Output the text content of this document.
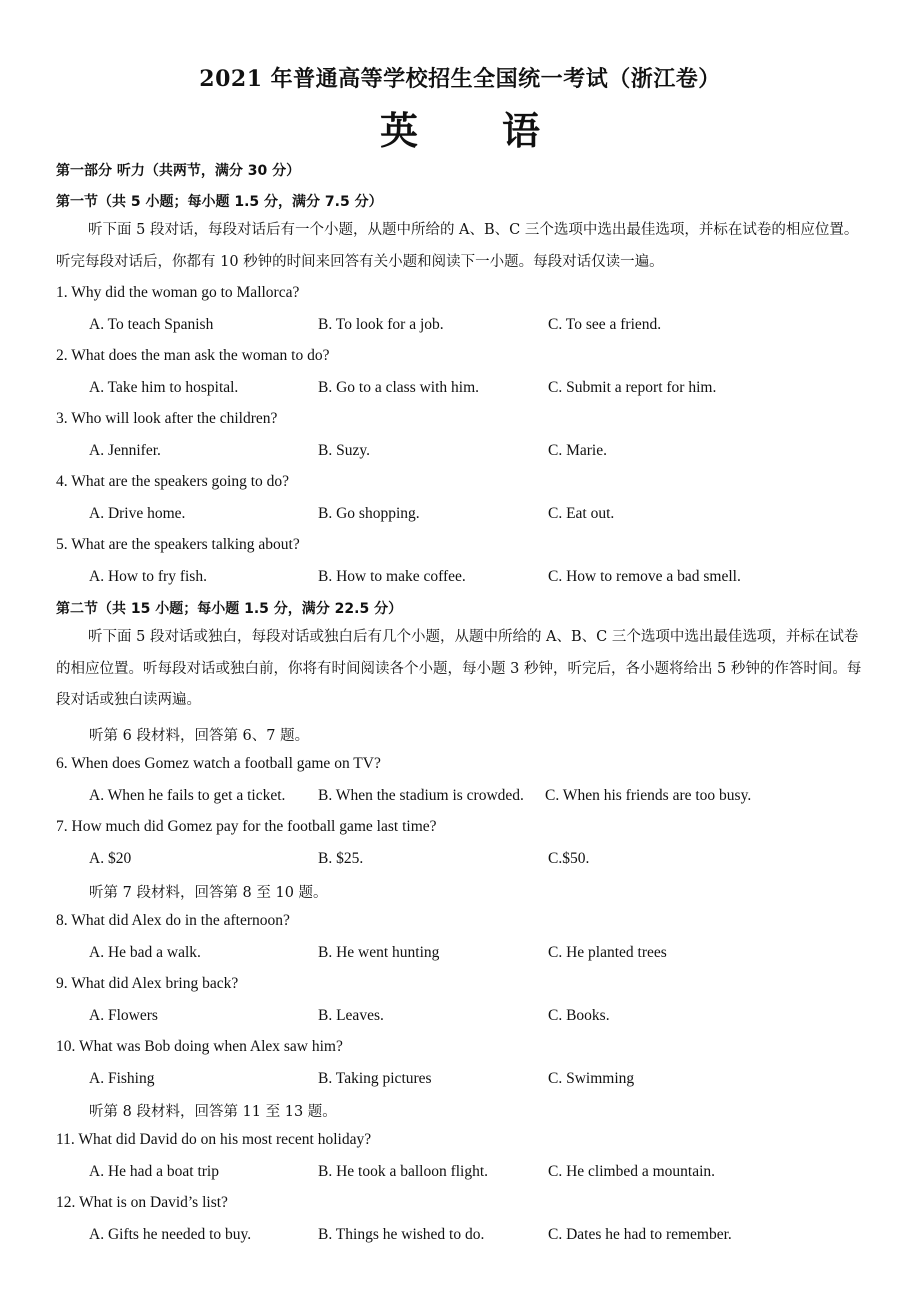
2021 年普通高等学校招生全国统一考试（浙江卷）
英 语
第一部分 听力（共两节，满分 30 分）
第一节（共 5 小题；每小题 1.5 分，满分 7.5 分）
听下面 5 段对话，每段对话后有一个小题，从题中所给的 A、B、C 三个选项中选出最佳选项，并标在试卷的相应位置。听完每段对话后，你都有 10 秒钟的时间来回答有关小题和阅读下一小题。每段对话仅读一遍。
1. Why did the woman go to Mallorca?
A. To teach Spanish	B. To look for a job.	C. To see a friend.
2. What does the man ask the woman to do?
A. Take him to hospital.	B. Go to a class with him.	C. Submit a report for him.
3. Who will look after the children?
A. Jennifer.	B. Suzy.	C. Marie.
4. What are the speakers going to do?
A. Drive home.	B. Go shopping.	C. Eat out.
5. What are the speakers talking about?
A. How to fry fish.	B. How to make coffee.	C. How to remove a bad smell.
第二节（共 15 小题；每小题 1.5 分，满分 22.5 分）
听下面 5 段对话或独白，每段对话或独白后有几个小题，从题中所给的 A、B、C 三个选项中选出最佳选项，并标在试卷的相应位置。听每段对话或独白前，你将有时间阅读各个小题，每小题 3 秒钟，听完后，各小题将给出 5 秒钟的作答时间。每段对话或独白读两遍。
听第 6 段材料，回答第 6、7 题。
6. When does Gomez watch a football game on TV?
A. When he fails to get a ticket. B. When the stadium is crowded. C. When his friends are too busy.
7. How much did Gomez pay for the football game last time?
A. $20	B. $25.	C.$50.
听第 7 段材料，回答第 8 至 10 题。
8. What did Alex do in the afternoon?
A. He bad a walk.	B. He went hunting	C. He planted trees
9. What did Alex bring back?
A. Flowers	B. Leaves.	C. Books.
10. What was Bob doing when Alex saw him?
A. Fishing	B. Taking pictures	C. Swimming
听第 8 段材料，回答第 11 至 13 题。
11. What did David do on his most recent holiday?
A. He had a boat trip	B. He took a balloon flight.	C. He climbed a mountain.
12. What is on David’s list?
A. Gifts he needed to buy.	B. Things he wished to do.	C. Dates he had to remember.
